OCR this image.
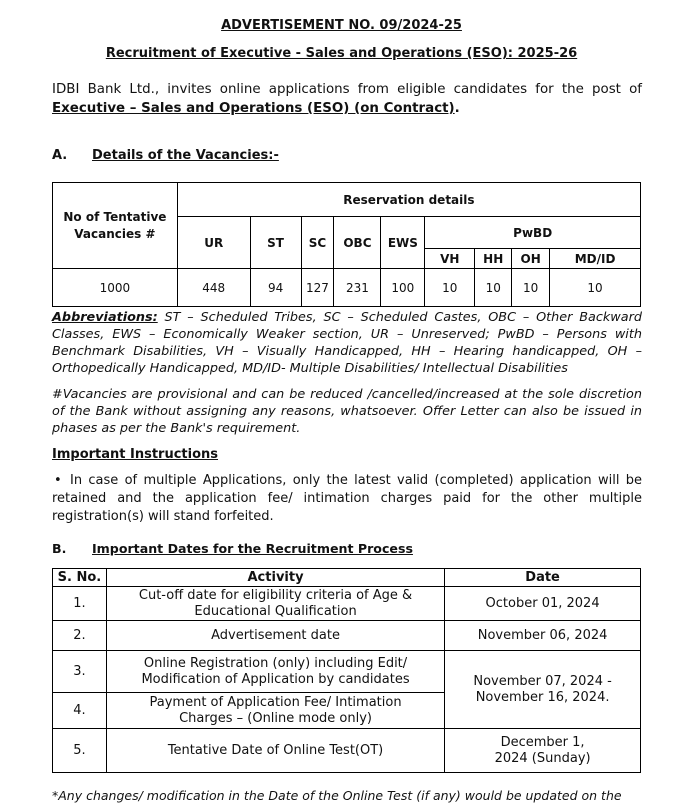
ADVERTISEMENT NO. 09/2024-25

Recruitment of Executive - Sales and Operations (ESO): 2025-26

IDBI Bank Ltd., invites online applications from eligible candidates for the post of Executive – Sales and Operations (ESO) (on Contract).
A. Details of the Vacancies:-
No of Tentative Vacancies #	Reservation details								
	UR	ST	SC	OBC	EWS	PwBD			
						VH	HH	OH	MD/ID
1000	448	94	127	231	100	10	10	10	10
Abbreviations: ST – Scheduled Tribes, SC – Scheduled Castes, OBC – Other Backward Classes, EWS – Economically Weaker section, UR – Unreserved; PwBD – Persons with Benchmark Disabilities, VH – Visually Handicapped, HH – Hearing handicapped, OH – Orthopedically Handicapped, MD/ID- Multiple Disabilities/ Intellectual Disabilities

#Vacancies are provisional and can be reduced /cancelled/increased at the sole discretion of the Bank without assigning any reasons, whatsoever. Offer Letter can also be issued in phases as per the Bank's requirement.

Important Instructions

• In case of multiple Applications, only the latest valid (completed) application will be retained and the application fee/ intimation charges paid for the other multiple registration(s) will stand forfeited.
B. Important Dates for the Recruitment Process
S. No.	Activity	Date
1.	Cut-off date for eligibility criteria of Age & Educational Qualification	October 01, 2024
2.	Advertisement date	November 06, 2024
3.	Online Registration (only) including Edit/ Modification of Application by candidates	November 07, 2024 - November 16, 2024.
4.	Payment of Application Fee/ Intimation Charges – (Online mode only)	
5.	Tentative Date of Online Test(OT)	December 1, 2024 (Sunday)

*Any changes/ modification in the Date of the Online Test (if any) would be updated on the
